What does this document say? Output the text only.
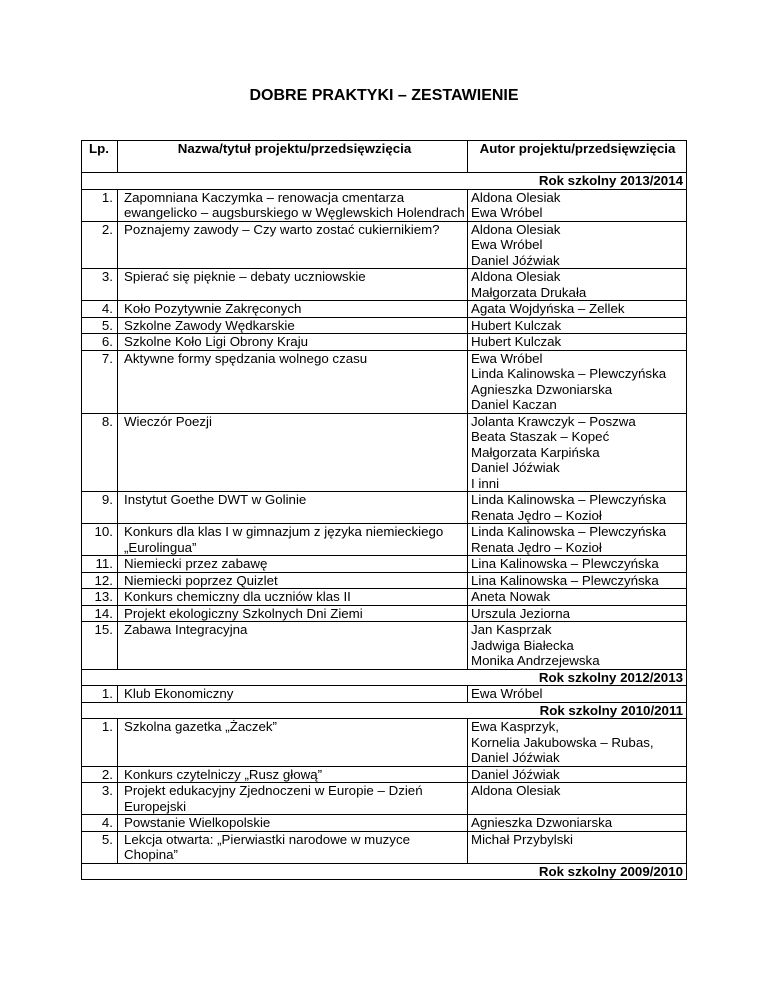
DOBRE PRAKTYKI – ZESTAWIENIE
Lp.	Nazwa/tytuł projektu/przedsięwzięcia	Autor projektu/przedsięwzięcia
Rok szkolny 2013/2014		
1.	Zapomniana Kaczymka – renowacja cmentarza ewangelicko – augsburskiego w Węglewskich Holendrach	Aldona Olesiak
Ewa Wróbel

2.	Poznajemy zawody – Czy warto zostać cukiernikiem?	Aldona Olesiak
Ewa Wróbel
Daniel Jóźwiak

3.	Spierać się pięknie – debaty uczniowskie	Aldona Olesiak
Małgorzata Drukała

4.	Koło Pozytywnie Zakręconych	Agata Wojdyńska – Zellek

5.	Szkolne Zawody Wędkarskie	Hubert Kulczak

6.	Szkolne Koło Ligi Obrony Kraju	Hubert Kulczak

7.	Aktywne formy spędzania wolnego czasu	Ewa Wróbel
Linda Kalinowska – Plewczyńska
Agnieszka Dzwoniarska
Daniel Kaczan

8.	Wieczór Poezji	Jolanta Krawczyk – Poszwa
Beata Staszak – Kopeć
Małgorzata Karpińska
Daniel Jóźwiak
I inni

9.	Instytut Goethe DWT w Golinie	Linda Kalinowska – Plewczyńska
Renata Jędro – Kozioł

10.	Konkurs dla klas I w gimnazjum z języka niemieckiego „Eurolingua”	Linda Kalinowska – Plewczyńska
Renata Jędro – Kozioł

11.	Niemiecki przez zabawę	Lina Kalinowska – Plewczyńska

12.	Niemiecki poprzez Quizlet	Lina Kalinowska – Plewczyńska

13.	Konkurs chemiczny dla uczniów klas II	Aneta Nowak

14.	Projekt ekologiczny Szkolnych Dni Ziemi	Urszula Jeziorna

15.	Zabawa Integracyjna	Jan Kasprzak
Jadwiga Białecka
Monika Andrzejewska

Rok szkolny 2012/2013		
1.	Klub Ekonomiczny	Ewa Wróbel

Rok szkolny 2010/2011		
1.	Szkolna gazetka „Żaczek”	Ewa Kasprzyk,
Kornelia Jakubowska – Rubas,
Daniel Jóźwiak

2.	Konkurs czytelniczy „Rusz głową”	Daniel Jóźwiak

3.	Projekt edukacyjny Zjednoczeni w Europie – Dzień Europejski	Aldona Olesiak

4.	Powstanie Wielkopolskie	Agnieszka Dzwoniarska

5.	Lekcja otwarta: „Pierwiastki narodowe w muzyce Chopina”	Michał Przybylski

Rok szkolny 2009/2010		
